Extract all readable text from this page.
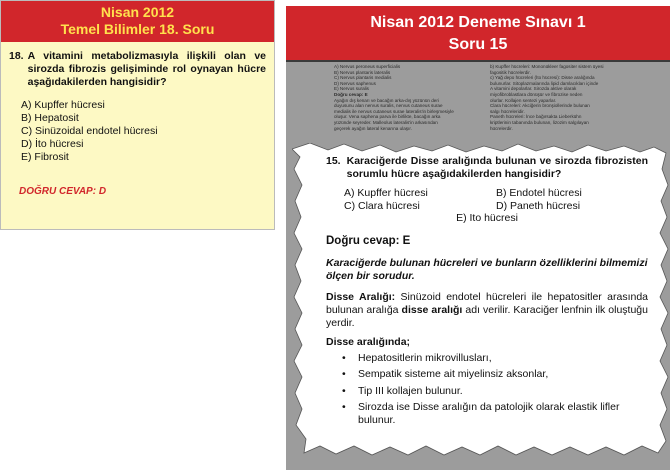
Nisan 2012
Temel Bilimler 18. Soru
18. A vitamini metabolizmasıyla ilişkili olan ve sirozda fibrozis gelişiminde rol oynayan hücre aşağıdakilerden hangisidir?
A) Kupffer hücresi
B) Hepatosit
C) Sinüzoidal endotel hücresi
D) İto hücresi
E) Fibrosit
DOĞRU CEVAP: D
Nisan 2012 Deneme Sınavı 1
Soru 15
A) Nervus peroneus superficialis
B) Nervus plantaris lateralis
C) Nervus plantaris medialis
D) Nervus saphenus
E) Nervus suralis
Doğru cevap: E
Ayağın dış kenarı ve bacağın arka-dış yüzünün deri
duyusunu alan nervus suralis, nervus cutaneus surae
medialis ile nervus cutaneus surae lateralis'in birleşmesiyle
oluşur. Vena saphena parva ile birlikte, bacağın arka
yüzünde seyreder. Malleolus lateralis'in arkasından
geçerek ayağın lateral kenarına ulaşır.
b) Kupffer hücreleri: Mononükleer fagositer sistem üyesi
fagositik hücrelerdir.
c) Yağ depo hücreleri (İto hücresi): Disse aralığında
bulunurlar. Sitoplazmalarında lipid damlacıkları içinde
A vitamini depolarlar. Sirozda aktive olarak
miyofibroblastlara dönüşür ve fibrozise neden
olurlar. Kollajen sentezi yaparlar.
Clara hücreleri: Akciğerin bronşiollerinde bulunan
salgı hücreleridir.
Paneth hücreleri: İnce bağırsakta Lieberkühn
kriptlerinin tabanında bulunan, lizozim salgılayan
hücrelerdir.
15. Karaciğerde Disse aralığında bulunan ve sirozda fibrozisten sorumlu hücre aşağıdakilerden hangisidir?
A) Kupffer hücresi	B) Endotel hücresi
C) Clara hücresi	D) Paneth hücresi
E) Ito hücresi
Doğru cevap: E
Karaciğerde bulunan hücreleri ve bunların özelliklerini bilmemizi ölçen bir sorudur.
Disse Aralığı: Sinüzoid endotel hücreleri ile hepatositler arasında bulunan aralığa disse aralığı adı verilir. Karaciğer lenfnin ilk oluştuğu yerdir.
Disse aralığında;
• Hepatositlerin mikrovillusları,
• Sempatik sisteme ait miyelinsiz aksonlar,
• Tip III kollajen bulunur.
• Sirozda ise Disse aralığın da patolojik olarak elastik lifler bulunur.
